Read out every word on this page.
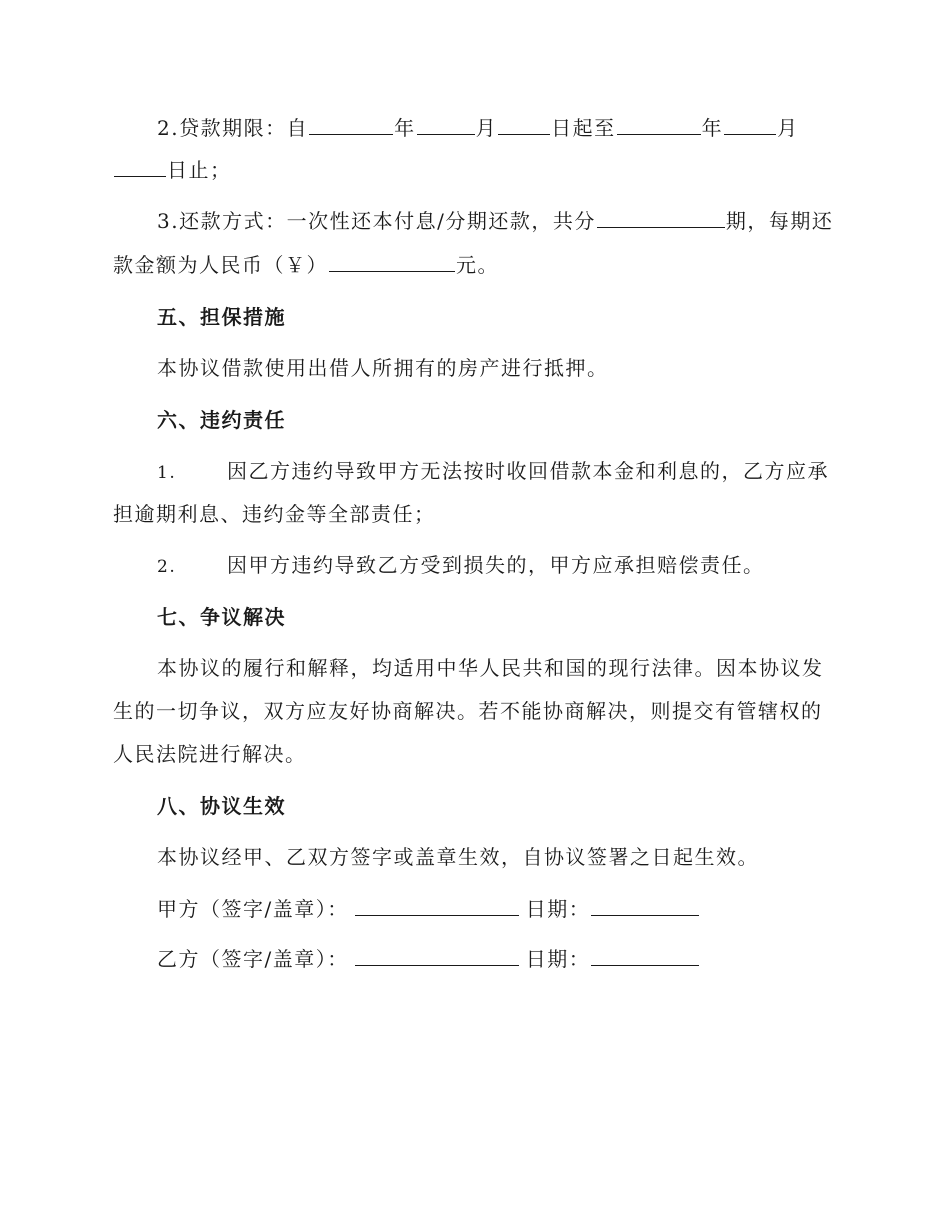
2.贷款期限：自	年	月	日起至	年	月
日止；
3.还款方式：一次性还本付息/分期还款，共分	期，每期还
款金额为人民币（￥）	元。
五、担保措施
本协议借款使用出借人所拥有的房产进行抵押。
六、违约责任
1.	因乙方违约导致甲方无法按时收回借款本金和利息的，乙方应承
担逾期利息、违约金等全部责任；
2.	因甲方违约导致乙方受到损失的，甲方应承担赔偿责任。
七、争议解决
本协议的履行和解释，均适用中华人民共和国的现行法律。因本协议发
生的一切争议，双方应友好协商解决。若不能协商解决，则提交有管辖权的
人民法院进行解决。
八、协议生效
本协议经甲、乙双方签字或盖章生效，自协议签署之日起生效。
甲方（签字/盖章）：	日期：
乙方（签字/盖章）：	日期：
